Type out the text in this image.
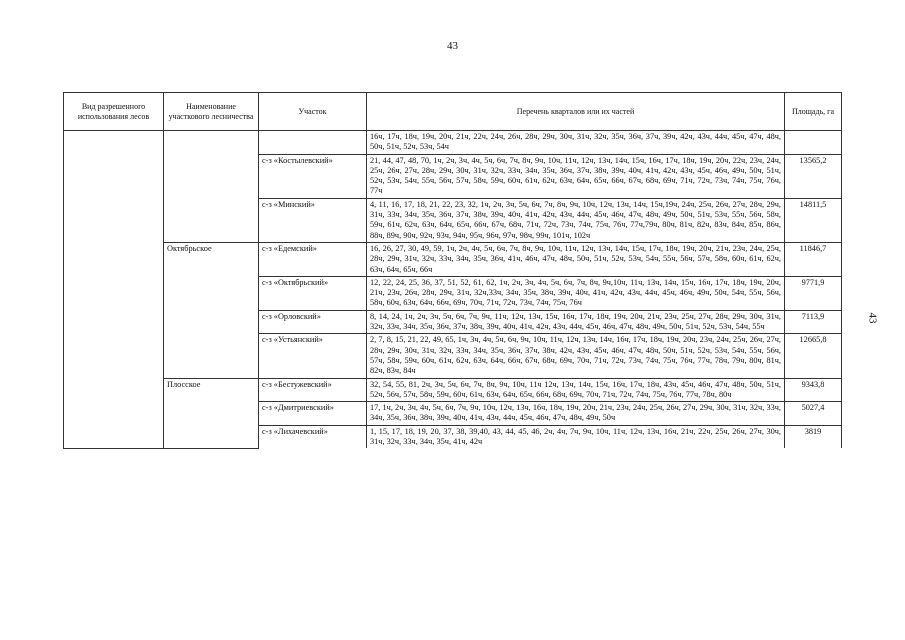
43
43
Вид разрешенного использования лесов	Наименование участкового лесничества	Участок	Перечень кварталов или их частей	Площадь, га
			16ч, 17ч, 18ч, 19ч, 20ч, 21ч, 22ч, 24ч, 26ч, 28ч, 29ч, 30ч, 31ч, 32ч, 35ч, 36ч, 37ч, 39ч, 42ч, 43ч, 44ч, 45ч, 47ч, 48ч, 50ч, 51ч, 52ч, 53ч, 54ч	
		с-з «Костылевский»	21, 44, 47, 48, 70, 1ч, 2ч, 3ч, 4ч, 5ч, 6ч, 7ч, 8ч, 9ч, 10ч, 11ч, 12ч, 13ч, 14ч, 15ч, 16ч, 17ч, 18ч, 19ч, 20ч, 22ч, 23ч, 24ч, 25ч, 26ч, 27ч, 28ч, 29ч, 30ч, 31ч, 32ч, 33ч, 34ч, 35ч, 36ч, 37ч, 38ч, 39ч, 40ч, 41ч, 42ч, 43ч, 45ч, 46ч, 49ч, 50ч, 51ч, 52ч, 53ч, 54ч, 55ч, 56ч, 57ч, 58ч, 59ч, 60ч, 61ч, 62ч, 63ч, 64ч, 65ч, 66ч, 67ч, 68ч, 69ч, 71ч, 72ч, 73ч, 74ч, 75ч, 76ч, 77ч	13565,2
		с-з «Минский»	4, 11, 16, 17, 18, 21, 22, 23, 32, 1ч, 2ч, 3ч, 5ч, 6ч, 7ч, 8ч, 9ч, 10ч, 12ч, 13ч, 14ч, 15ч,19ч, 24ч, 25ч, 26ч, 27ч, 28ч, 29ч, 31ч, 33ч, 34ч, 35ч, 36ч, 37ч, 38ч, 39ч, 40ч, 41ч, 42ч, 43ч, 44ч, 45ч, 46ч, 47ч, 48ч, 49ч, 50ч, 51ч, 53ч, 55ч, 56ч, 58ч, 59ч, 61ч, 62ч, 63ч, 64ч, 65ч, 66ч, 67ч, 68ч, 71ч, 72ч, 73ч, 74ч, 75ч, 76ч, 77ч,79ч, 80ч, 81ч, 82ч, 83ч, 84ч, 85ч, 86ч, 88ч, 89ч, 90ч, 92ч, 93ч, 94ч, 95ч, 96ч, 97ч, 98ч, 99ч, 101ч, 102ч	14811,5
	Октябрьское	с-з «Едемский»	16, 26, 27, 30, 49, 59, 1ч, 2ч, 4ч, 5ч, 6ч, 7ч, 8ч, 9ч, 10ч, 11ч, 12ч, 13ч, 14ч, 15ч, 17ч, 18ч, 19ч, 20ч, 21ч, 23ч, 24ч, 25ч, 28ч, 29ч, 31ч, 32ч, 33ч, 34ч, 35ч, 36ч, 41ч, 46ч, 47ч, 48ч, 50ч, 51ч, 52ч, 53ч, 54ч, 55ч, 56ч, 57ч, 58ч, 60ч, 61ч, 62ч, 63ч, 64ч, 65ч, 66ч	11846,7
		с-з «Октябрьский»	12, 22, 24, 25, 36, 37, 51, 52, 61, 62, 1ч, 2ч, 3ч, 4ч, 5ч, 6ч, 7ч, 8ч, 9ч,10ч, 11ч, 13ч, 14ч, 15ч, 16ч, 17ч, 18ч, 19ч, 20ч, 21ч, 23ч, 26ч, 28ч, 29ч, 31ч, 32ч,33ч, 34ч, 35ч, 38ч, 39ч, 40ч, 41ч, 42ч, 43ч, 44ч, 45ч, 46ч, 49ч, 50ч, 54ч, 55ч, 56ч, 58ч, 60ч, 63ч, 64ч, 66ч, 69ч, 70ч, 71ч, 72ч, 73ч, 74ч, 75ч, 76ч	9771,9
		с-з «Орловский»	8, 14, 24, 1ч, 2ч, 3ч, 5ч, 6ч, 7ч, 9ч, 11ч, 12ч, 13ч, 15ч, 16ч, 17ч, 18ч, 19ч, 20ч, 21ч, 23ч, 25ч, 27ч, 28ч, 29ч, 30ч, 31ч, 32ч, 33ч, 34ч, 35ч, 36ч, 37ч, 38ч, 39ч, 40ч, 41ч, 42ч, 43ч, 44ч, 45ч, 46ч, 47ч, 48ч, 49ч, 50ч, 51ч, 52ч, 53ч, 54ч, 55ч	7113,9
		с-з «Устьянский»	2, 7, 8, 15, 21, 22, 49, 65, 1ч, 3ч, 4ч, 5ч, 6ч, 9ч, 10ч, 11ч, 12ч, 13ч, 14ч, 16ч, 17ч, 18ч, 19ч, 20ч, 23ч, 24ч, 25ч, 26ч, 27ч, 28ч, 29ч, 30ч, 31ч, 32ч, 33ч, 34ч, 35ч, 36ч, 37ч, 38ч, 42ч, 43ч, 45ч, 46ч, 47ч, 48ч, 50ч, 51ч, 52ч, 53ч, 54ч, 55ч, 56ч, 57ч, 58ч, 59ч, 60ч, 61ч, 62ч, 63ч, 64ч, 66ч, 67ч, 68ч, 69ч, 70ч, 71ч, 72ч, 73ч, 74ч, 75ч, 76ч, 77ч, 78ч, 79ч, 80ч, 81ч, 82ч, 83ч, 84ч	12665,8
	Плосское	с-з «Бестужевский»	32, 54, 55, 81, 2ч, 3ч, 5ч, 6ч, 7ч, 8ч, 9ч, 10ч, 11ч 12ч, 13ч, 14ч, 15ч, 16ч, 17ч, 18ч, 43ч, 45ч, 46ч, 47ч, 48ч, 50ч, 51ч, 52ч, 56ч, 57ч, 58ч, 59ч, 60ч, 61ч, 63ч, 64ч, 65ч, 66ч, 68ч, 69ч, 70ч, 71ч, 72ч, 74ч, 75ч, 76ч, 77ч, 78ч, 80ч	9343,8
		с-з «Дмитриевский»	17, 1ч, 2ч, 3ч, 4ч, 5ч, 6ч, 7ч, 9ч, 10ч, 12ч, 13ч, 16ч, 18ч, 19ч, 20ч, 21ч, 23ч, 24ч, 25ч, 26ч, 27ч, 29ч, 30ч, 31ч, 32ч, 33ч, 34ч, 35ч, 36ч, 38ч, 39ч, 40ч, 41ч, 43ч, 44ч, 45ч, 46ч, 47ч, 48ч, 49ч, 50ч	5027,4
		с-з «Лихачевский»	1, 15, 17, 18, 19, 20, 37, 38, 39,40, 43, 44, 45, 46, 2ч, 4ч, 7ч, 9ч, 10ч, 11ч, 12ч, 13ч, 16ч, 21ч, 22ч, 25ч, 26ч, 27ч, 30ч, 31ч, 32ч, 33ч, 34ч, 35ч, 41ч, 42ч	3819
